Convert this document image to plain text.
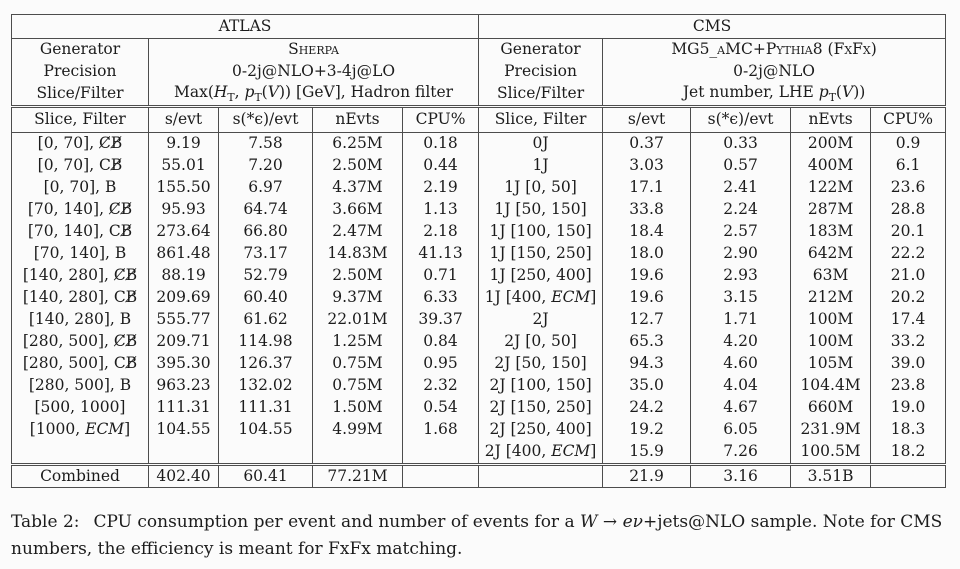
ATLAS					CMS				
Generator	Sherpa				Generator	MG5_aMC+Pythia8 (FxFx)			
Precision	0-2j@NLO+3-4j@LO				Precision	0-2j@NLO			
Slice/Filter	$Max(H_T$, $p_T(V)$) [GeV], Hadron filter				Slice/Filter	Jet number, LHE $p_T(V)$)			
Slice, Filter	s/evt	s(*ϵ)/evt	nEvts	CPU%	Slice, Filter	s/evt	s(*ϵ)/evt	nEvts	CPU%
[0, 70], C̸B̸	9.19	7.58	6.25M	0.18	0J	0.37	0.33	200M	0.9
[0, 70], CB̸	55.01	7.20	2.50M	0.44	1J	3.03	0.57	400M	6.1
[0, 70], B	155.50	6.97	4.37M	2.19	1J [0, 50]	17.1	2.41	122M	23.6
[70, 140], C̸B̸	95.93	64.74	3.66M	1.13	1J [50, 150]	33.8	2.24	287M	28.8
[70, 140], CB̸	273.64	66.80	2.47M	2.18	1J [100, 150]	18.4	2.57	183M	20.1
[70, 140], B	861.48	73.17	14.83M	41.13	1J [150, 250]	18.0	2.90	642M	22.2
[140, 280], C̸B̸	88.19	52.79	2.50M	0.71	1J [250, 400]	19.6	2.93	63M	21.0
[140, 280], CB̸	209.69	60.40	9.37M	6.33	1J [400, ECM]	19.6	3.15	212M	20.2
[140, 280], B	555.77	61.62	22.01M	39.37	2J	12.7	1.71	100M	17.4
[280, 500], C̸B̸	209.71	114.98	1.25M	0.84	2J [0, 50]	65.3	4.20	100M	33.2
[280, 500], CB̸	395.30	126.37	0.75M	0.95	2J [50, 150]	94.3	4.60	105M	39.0
[280, 500], B	963.23	132.02	0.75M	2.32	2J [100, 150]	35.0	4.04	104.4M	23.8
[500, 1000]	111.31	111.31	1.50M	0.54	2J [150, 250]	24.2	4.67	660M	19.0
[1000, ECM]	104.55	104.55	4.99M	1.68	2J [250, 400]	19.2	6.05	231.9M	18.3
					2J [400, ECM]	15.9	7.26	100.5M	18.2
Combined	402.40	60.41	77.21M			21.9	3.16	3.51B	
Table 2: CPU consumption per event and number of events for a W → eν+jets@NLO sample. Note for CMS numbers, the efficiency is meant for FxFx matching.
